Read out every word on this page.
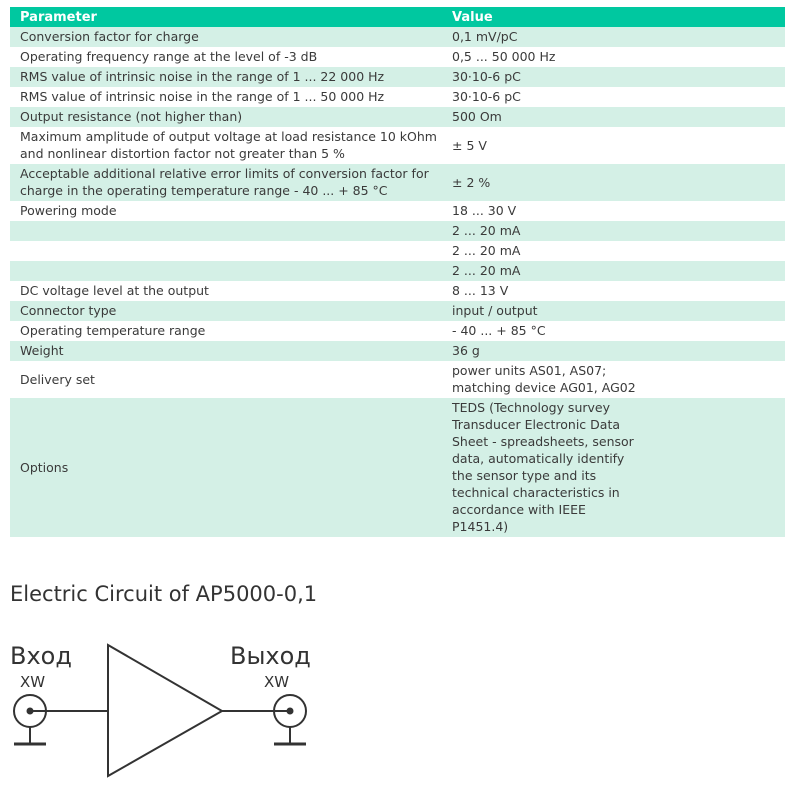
Parameter	Value
Conversion factor for charge	0,1 mV/pC
Operating frequency range at the level of -3 dB	0,5 ... 50 000 Hz
RMS value of intrinsic noise in the range of 1 ... 22 000 Hz	30·10-6 pC
RMS value of intrinsic noise in the range of 1 ... 50 000 Hz	30·10-6 pC
Output resistance (not higher than)	500 Om
Maximum amplitude of output voltage at load resistance 10 kOhm and nonlinear distortion factor not greater than 5 %	± 5 V
Acceptable additional relative error limits of conversion factor for charge in the operating temperature range - 40 ... + 85 °C	± 2 %
Powering mode	18 ... 30 V
	2 ... 20 mA
	2 ... 20 mA
	2 ... 20 mA
DC voltage level at the output	8 ... 13 V
Connector type	input / output
Operating temperature range	- 40 ... + 85 °C
Weight	36 g
Delivery set	power units AS01, AS07; matching device AG01, AG02

Options	TEDS (Technology survey Transducer Electronic Data Sheet - spreadsheets, sensor data, automatically identify the sensor type and its technical characteristics in accordance with IEEE P1451.4)
Electric Circuit of AP5000-0,1
Вход
XW
Выход
XW
